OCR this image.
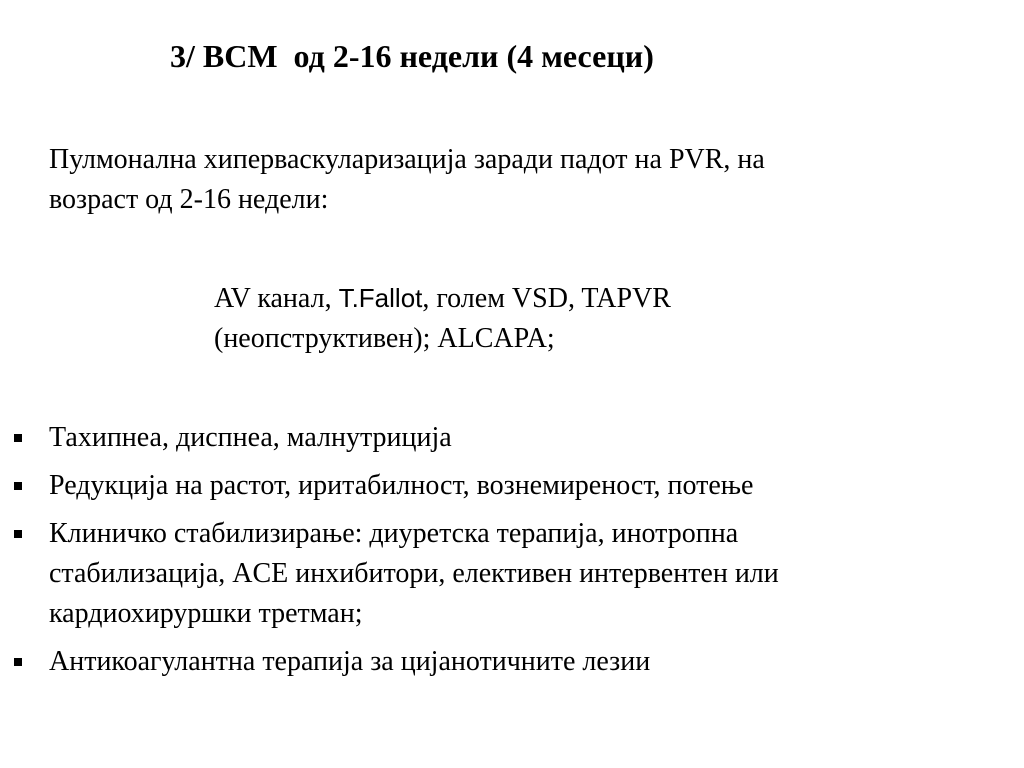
3/ ВСМ  од 2-16 недели (4 месеци)

Пулмонална хиперваскуларизација заради падот на PVR, на
возраст од 2-16 недели:

AV канал, T.Fallot, голем VSD, TAPVR
(неопструктивен); ALCAPA;

Тахипнеа, диспнеа, малнутриција
Редукција на растот, иритабилност, вознемиреност, потење
Клиничко стабилизирање: диуретска терапија, инотропна
стабилизација, ACE инхибитори, елективен интервентен или
кардиохируршки третман;
Антикоагулантна терапија за цијанотичните лезии
